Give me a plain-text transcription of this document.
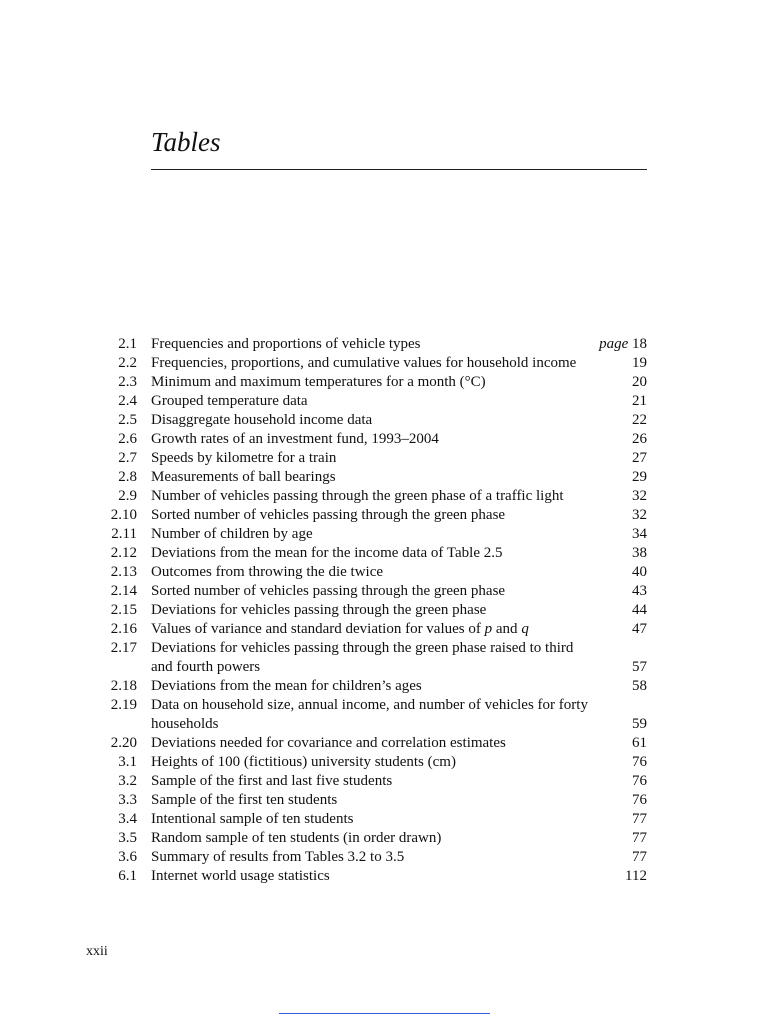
Tables
2.1 Frequencies and proportions of vehicle types	page 18
2.2 Frequencies, proportions, and cumulative values for household income	19
2.3 Minimum and maximum temperatures for a month (°C)	20
2.4 Grouped temperature data	21
2.5 Disaggregate household income data	22
2.6 Growth rates of an investment fund, 1993–2004	26
2.7 Speeds by kilometre for a train	27
2.8 Measurements of ball bearings	29
2.9 Number of vehicles passing through the green phase of a traffic light	32
2.10 Sorted number of vehicles passing through the green phase	32
2.11 Number of children by age	34
2.12 Deviations from the mean for the income data of Table 2.5	38
2.13 Outcomes from throwing the die twice	40
2.14 Sorted number of vehicles passing through the green phase	43
2.15 Deviations for vehicles passing through the green phase	44
2.16 Values of variance and standard deviation for values of p and q	47
2.17 Deviations for vehicles passing through the green phase raised to third and fourth powers	57
2.18 Deviations from the mean for children’s ages	58
2.19 Data on household size, annual income, and number of vehicles for forty households	59
2.20 Deviations needed for covariance and correlation estimates	61
3.1 Heights of 100 (fictitious) university students (cm)	76
3.2 Sample of the first and last five students	76
3.3 Sample of the first ten students	76
3.4 Intentional sample of ten students	77
3.5 Random sample of ten students (in order drawn)	77
3.6 Summary of results from Tables 3.2 to 3.5	77
6.1 Internet world usage statistics	112
xxii
